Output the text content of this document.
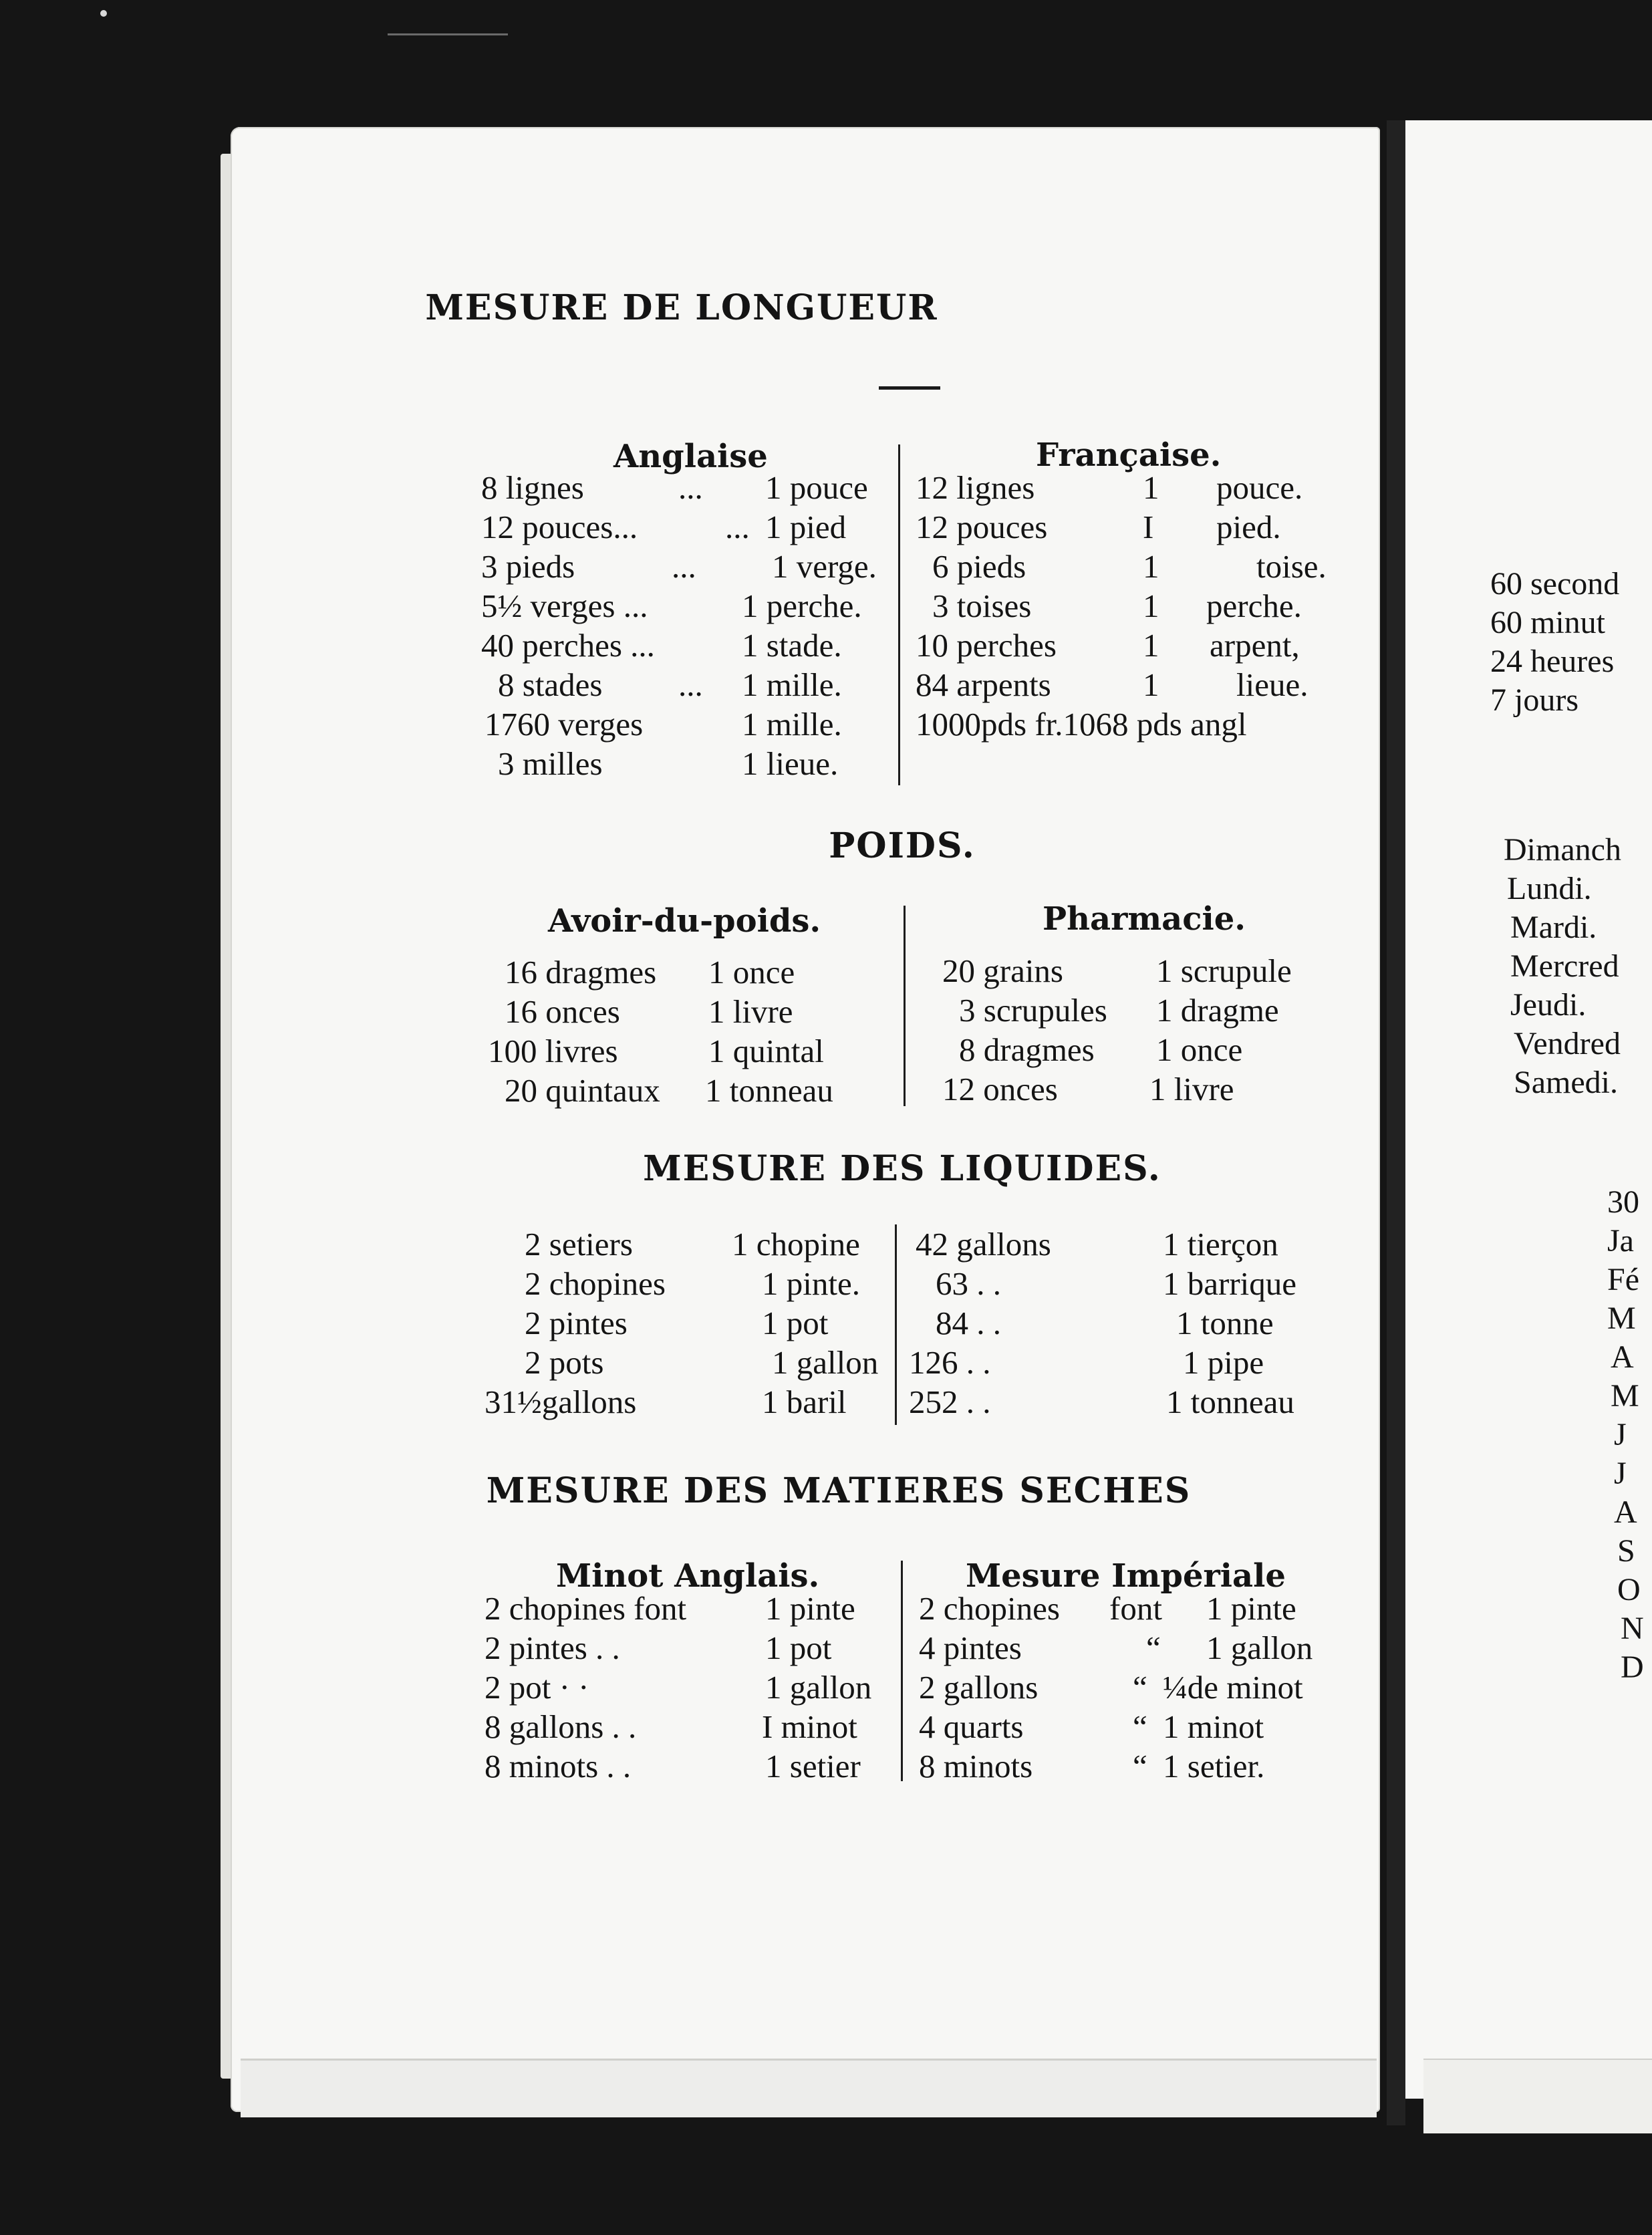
MESURE DE LONGUEUR
Anglaise	Française.
8 lignes	... 1 pouce
12 pouces...	... 1 pied
3 pieds	... 1 verge.
5½ verges ...	1 perche.
40 perches ...	1 stade.
8 stades ... 1 mille.
1760 verges	1 mille.
3 milles	1 lieue.
12 lignes	1 pouce.
12 pouces	I pied.
6 pieds	1	toise.
3 toises	1 perche.
10 perches	1 arpent,
84 arpents	1 lieue.
1000pds fr.1068 pds angl
POIDS.
Avoir-du-poids.	Pharmacie.
16 dragmes 1 once
16 onces	1 livre
100 livres	1 quintal
20 quintaux 1 tonneau
20 grains	1 scrupule
3 scrupules 1 dragme
8 dragmes 1 once
12 onces	1 livre
MESURE DES LIQUIDES.
2 setiers	1 chopine
2 chopines	1 pinte.
2 pintes	1 pot
2 pots	1 gallon
31½gallons	1 baril
42 gallons	1 tierçon
63 . .	1 barrique
84 . .	1 tonne
126 . .	1 pipe
252 . .	1 tonneau
MESURE DES MATIERES SECHES
Minot Anglais.	Mesure Impériale
2 chopines font 1 pinte
2 pintes . .	1 pot
2 pot · ·	1 gallon
8 gallons . .	I minot
8 minots . .	1 setier
2 chopines font 1 pinte
4 pintes	“ 1 gallon
2 gallons	“ ¼de minot
4 quarts	“ 1 minot
8 minots	“ 1 setier.
60 second
60 minut
24 heures
7 jours
Dimanch
Lundi.
Mardi.
Mercred
Jeudi.
Vendred
Samedi.
30
Ja
Fé
M
A
M
J
J
A
S
O
N
D
